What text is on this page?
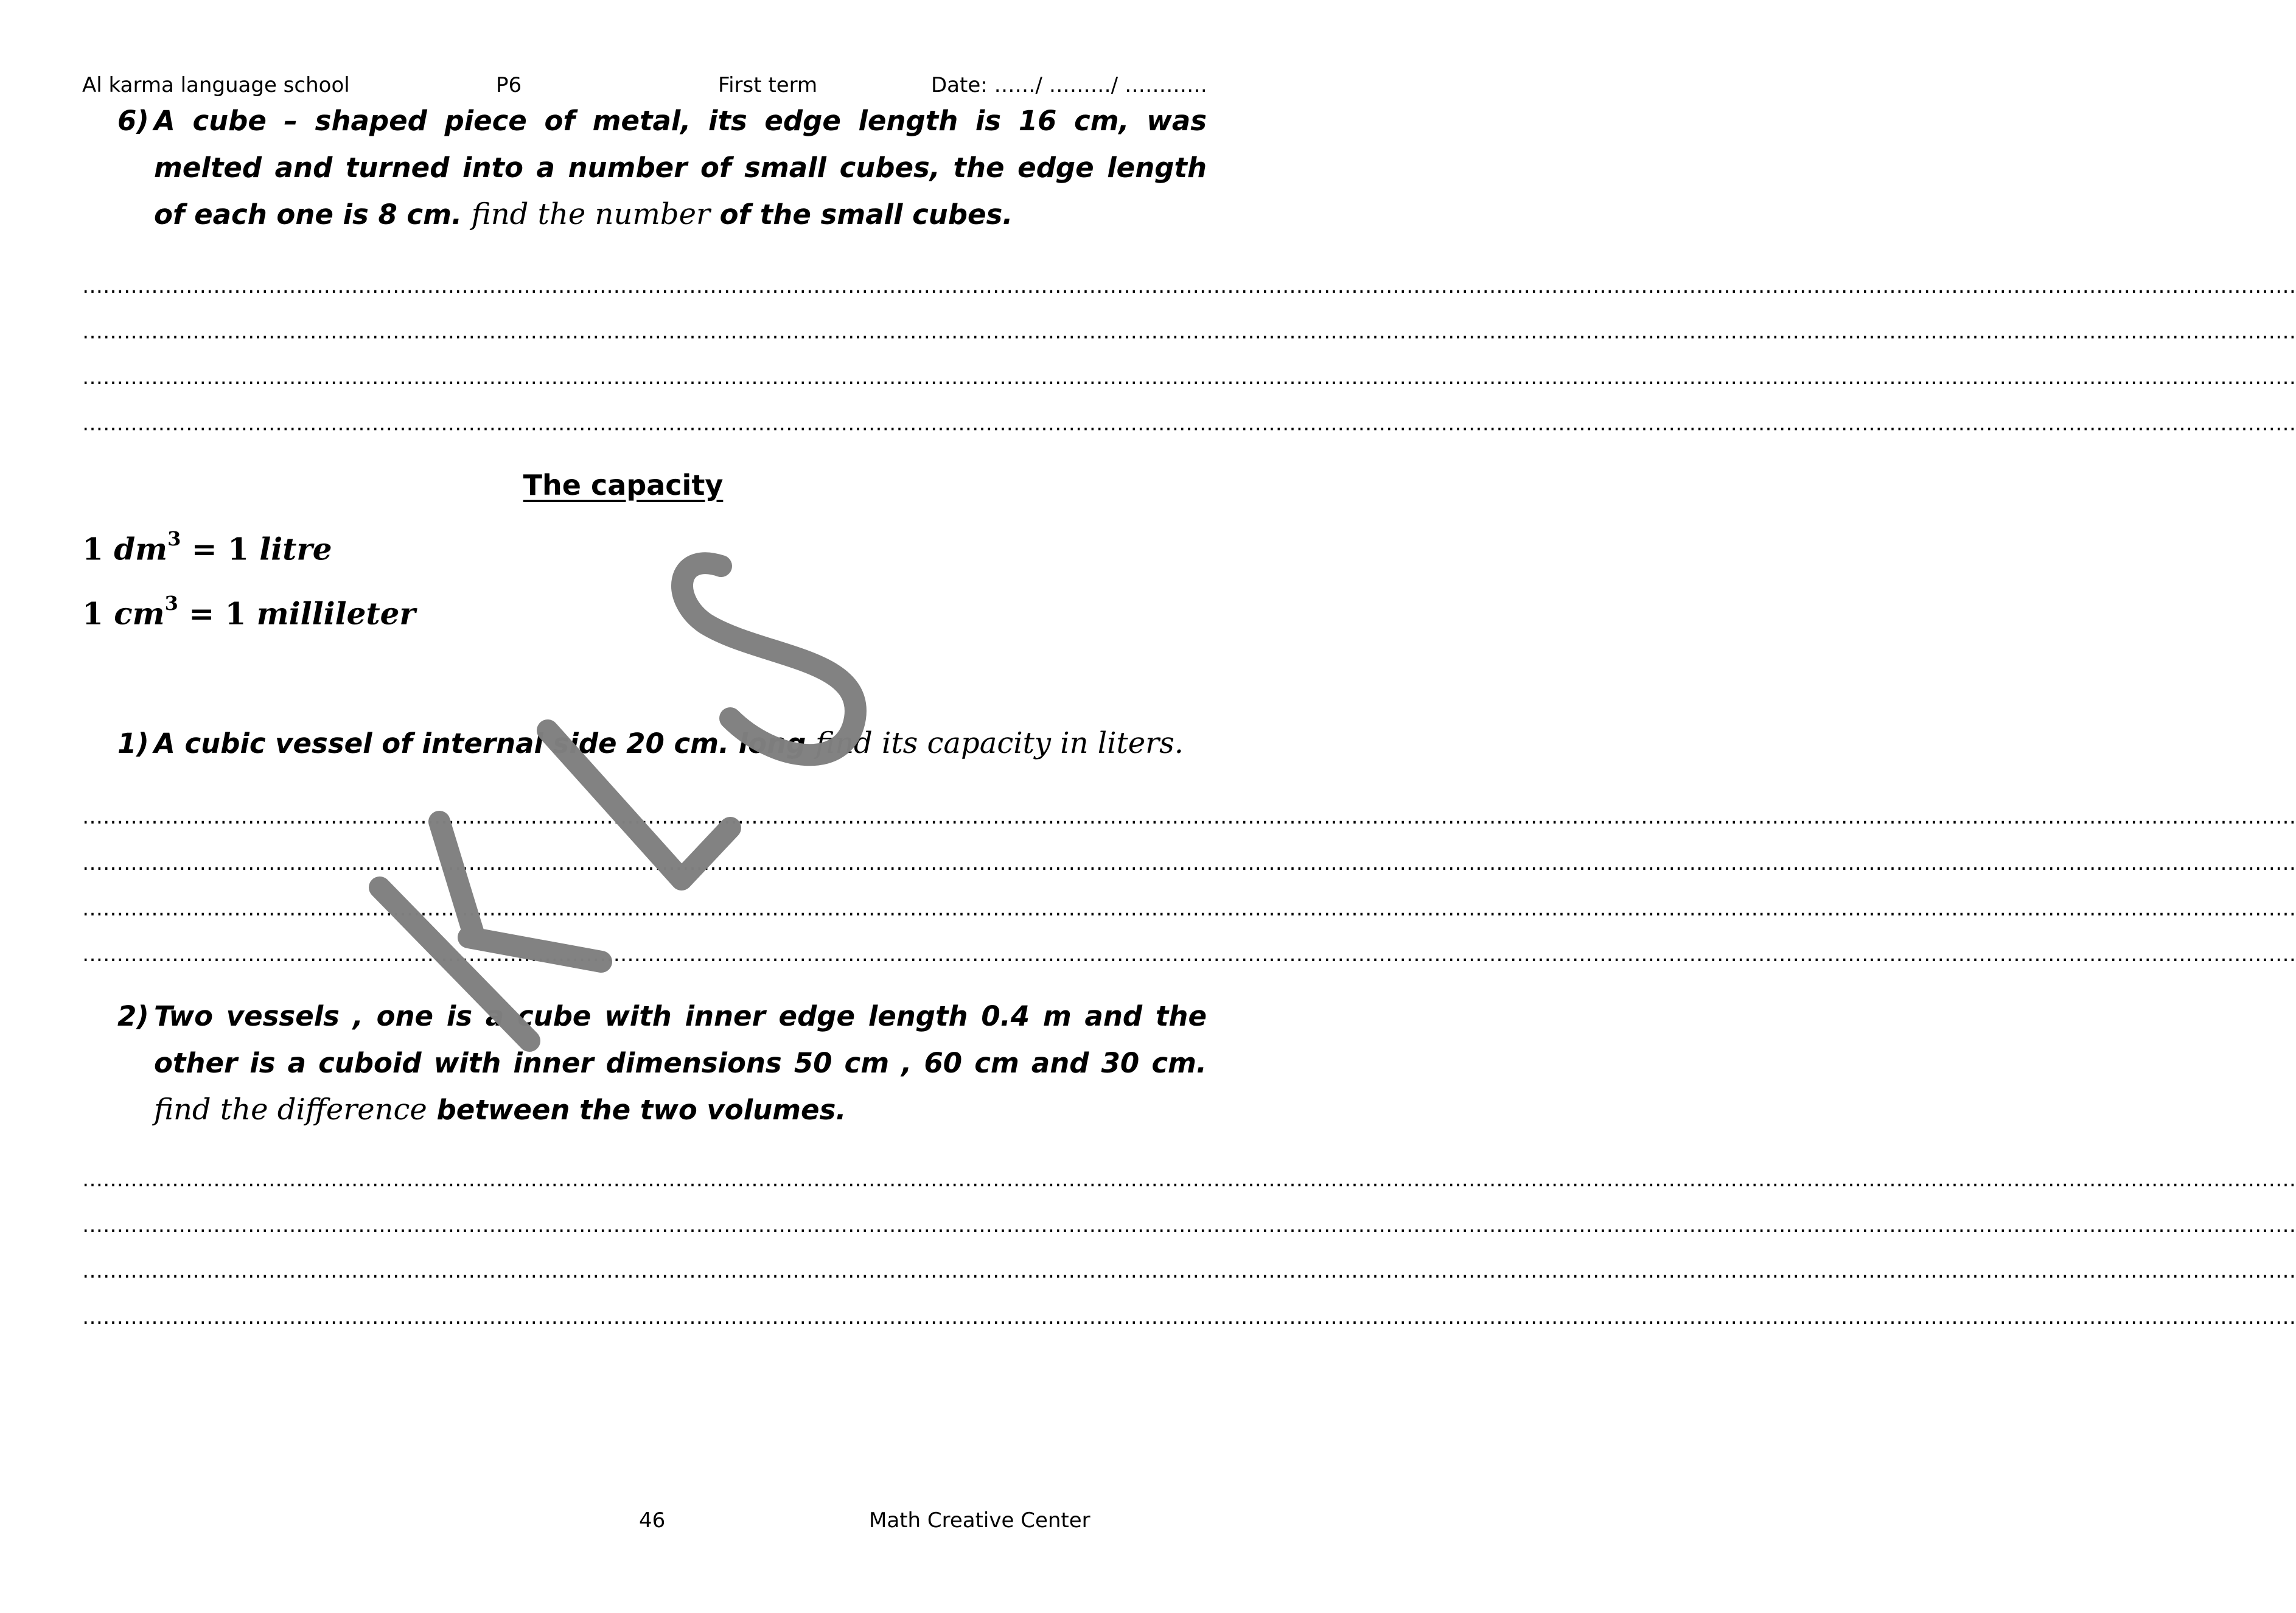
Al karma language school	P6	First term	Date: ……/ ………/ …………
6) A cube – shaped piece of metal, its edge length is 16 cm, was melted and turned into a number of small cubes, the edge length of each one is 8 cm. find the number of the small cubes.
……………………………………………………………………………………………………………………………………………………………………………………………………………………………………………………………………………………………
……………………………………………………………………………………………………………………………………………………………………………………………………………………………………………………………………………………………
……………………………………………………………………………………………………………………………………………………………………………………………………………………………………………………………………………………………
……………………………………………………………………………………………………………………………………………………………………………………………………………………………………………………………………………………………
The capacity
1 $dm^3 = 1$ litre
1 $cm^3 = 1$ millileter
1) A cubic vessel of internal side 20 cm. long find its capacity in liters.
……………………………………………………………………………………………………………………………………………………………………………………………………………………………………………………………………………………………
……………………………………………………………………………………………………………………………………………………………………………………………………………………………………………………………………………………………
……………………………………………………………………………………………………………………………………………………………………………………………………………………………………………………………………………………………
……………………………………………………………………………………………………………………………………………………………………………………………………………………………………………………………………………………………
2) Two vessels , one is a cube with inner edge length 0.4 m and the other is a cuboid with inner dimensions 50 cm , 60 cm and 30 cm. find the difference between the two volumes.
……………………………………………………………………………………………………………………………………………………………………………………………………………………………………………………………………………………………
……………………………………………………………………………………………………………………………………………………………………………………………………………………………………………………………………………………………
……………………………………………………………………………………………………………………………………………………………………………………………………………………………………………………………………………………………
……………………………………………………………………………………………………………………………………………………………………………………………………………………………………………………………………………………………
46	Math Creative Center
